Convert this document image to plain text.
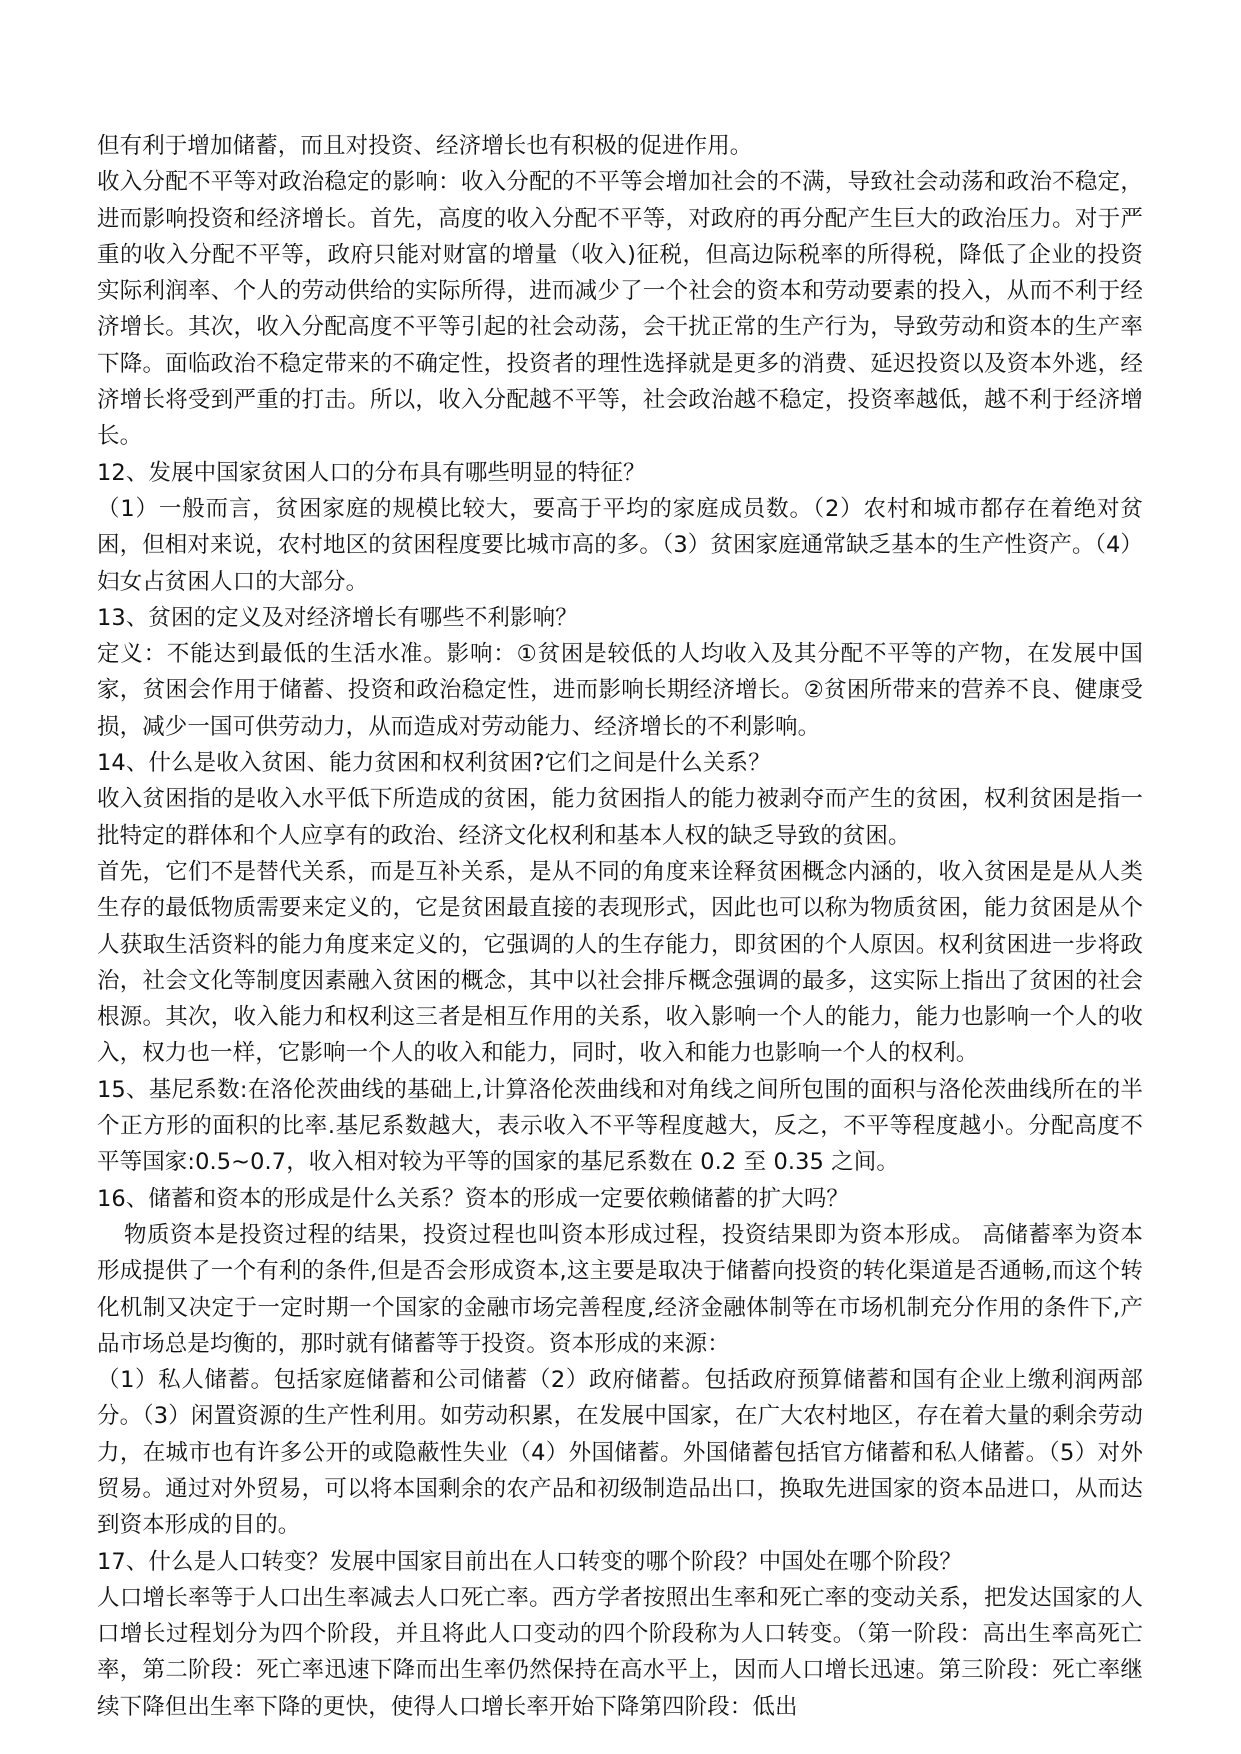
但有利于增加储蓄，而且对投资、经济增长也有积极的促进作用。

收入分配不平等对政治稳定的影响：收入分配的不平等会增加社会的不满，导致社会动荡和政治不稳定，进而影响投资和经济增长。首先，高度的收入分配不平等，对政府的再分配产生巨大的政治压力。对于严重的收入分配不平等，政府只能对财富的增量（收入)征税，但高边际税率的所得税，降低了企业的投资实际利润率、个人的劳动供给的实际所得，进而减少了一个社会的资本和劳动要素的投入，从而不利于经济增长。其次，收入分配高度不平等引起的社会动荡，会干扰正常的生产行为，导致劳动和资本的生产率下降。面临政治不稳定带来的不确定性，投资者的理性选择就是更多的消费、延迟投资以及资本外逃，经济增长将受到严重的打击。所以，收入分配越不平等，社会政治越不稳定，投资率越低，越不利于经济增长。

12、发展中国家贫困人口的分布具有哪些明显的特征？

（1）一般而言，贫困家庭的规模比较大，要高于平均的家庭成员数。（2）农村和城市都存在着绝对贫困，但相对来说，农村地区的贫困程度要比城市高的多。（3）贫困家庭通常缺乏基本的生产性资产。（4）妇女占贫困人口的大部分。

13、贫困的定义及对经济增长有哪些不利影响？

定义：不能达到最低的生活水准。影响：①贫困是较低的人均收入及其分配不平等的产物，在发展中国家，贫困会作用于储蓄、投资和政治稳定性，进而影响长期经济增长。②贫困所带来的营养不良、健康受损，减少一国可供劳动力，从而造成对劳动能力、经济增长的不利影响。

14、什么是收入贫困、能力贫困和权利贫困?它们之间是什么关系？

收入贫困指的是收入水平低下所造成的贫困，能力贫困指人的能力被剥夺而产生的贫困，权利贫困是指一批特定的群体和个人应享有的政治、经济文化权利和基本人权的缺乏导致的贫困。

首先，它们不是替代关系，而是互补关系，是从不同的角度来诠释贫困概念内涵的，收入贫困是是从人类生存的最低物质需要来定义的，它是贫困最直接的表现形式，因此也可以称为物质贫困，能力贫困是从个人获取生活资料的能力角度来定义的，它强调的人的生存能力，即贫困的个人原因。权利贫困进一步将政治，社会文化等制度因素融入贫困的概念，其中以社会排斥概念强调的最多，这实际上指出了贫困的社会根源。其次，收入能力和权利这三者是相互作用的关系，收入影响一个人的能力，能力也影响一个人的收入，权力也一样，它影响一个人的收入和能力，同时，收入和能力也影响一个人的权利。

15、基尼系数:在洛伦茨曲线的基础上,计算洛伦茨曲线和对角线之间所包围的面积与洛伦茨曲线所在的半个正方形的面积的比率.基尼系数越大，表示收入不平等程度越大，反之，不平等程度越小。分配高度不平等国家:0.5~0.7，收入相对较为平等的国家的基尼系数在 0.2 至 0.35 之间。

16、储蓄和资本的形成是什么关系？资本的形成一定要依赖储蓄的扩大吗？

物质资本是投资过程的结果，投资过程也叫资本形成过程，投资结果即为资本形成。 高储蓄率为资本形成提供了一个有利的条件,但是否会形成资本,这主要是取决于储蓄向投资的转化渠道是否通畅,而这个转化机制又决定于一定时期一个国家的金融市场完善程度,经济金融体制等在市场机制充分作用的条件下,产品市场总是均衡的，那时就有储蓄等于投资。资本形成的来源：

（1）私人储蓄。包括家庭储蓄和公司储蓄（2）政府储蓄。包括政府预算储蓄和国有企业上缴利润两部分。（3）闲置资源的生产性利用。如劳动积累，在发展中国家，在广大农村地区，存在着大量的剩余劳动力，在城市也有许多公开的或隐蔽性失业（4）外国储蓄。外国储蓄包括官方储蓄和私人储蓄。（5）对外贸易。通过对外贸易，可以将本国剩余的农产品和初级制造品出口，换取先进国家的资本品进口，从而达到资本形成的目的。

17、什么是人口转变？发展中国家目前出在人口转变的哪个阶段？中国处在哪个阶段？

人口增长率等于人口出生率减去人口死亡率。西方学者按照出生率和死亡率的变动关系，把发达国家的人口增长过程划分为四个阶段，并且将此人口变动的四个阶段称为人口转变。（第一阶段：高出生率高死亡率，第二阶段：死亡率迅速下降而出生率仍然保持在高水平上，因而人口增长迅速。第三阶段：死亡率继续下降但出生率下降的更快，使得人口增长率开始下降第四阶段：低出
